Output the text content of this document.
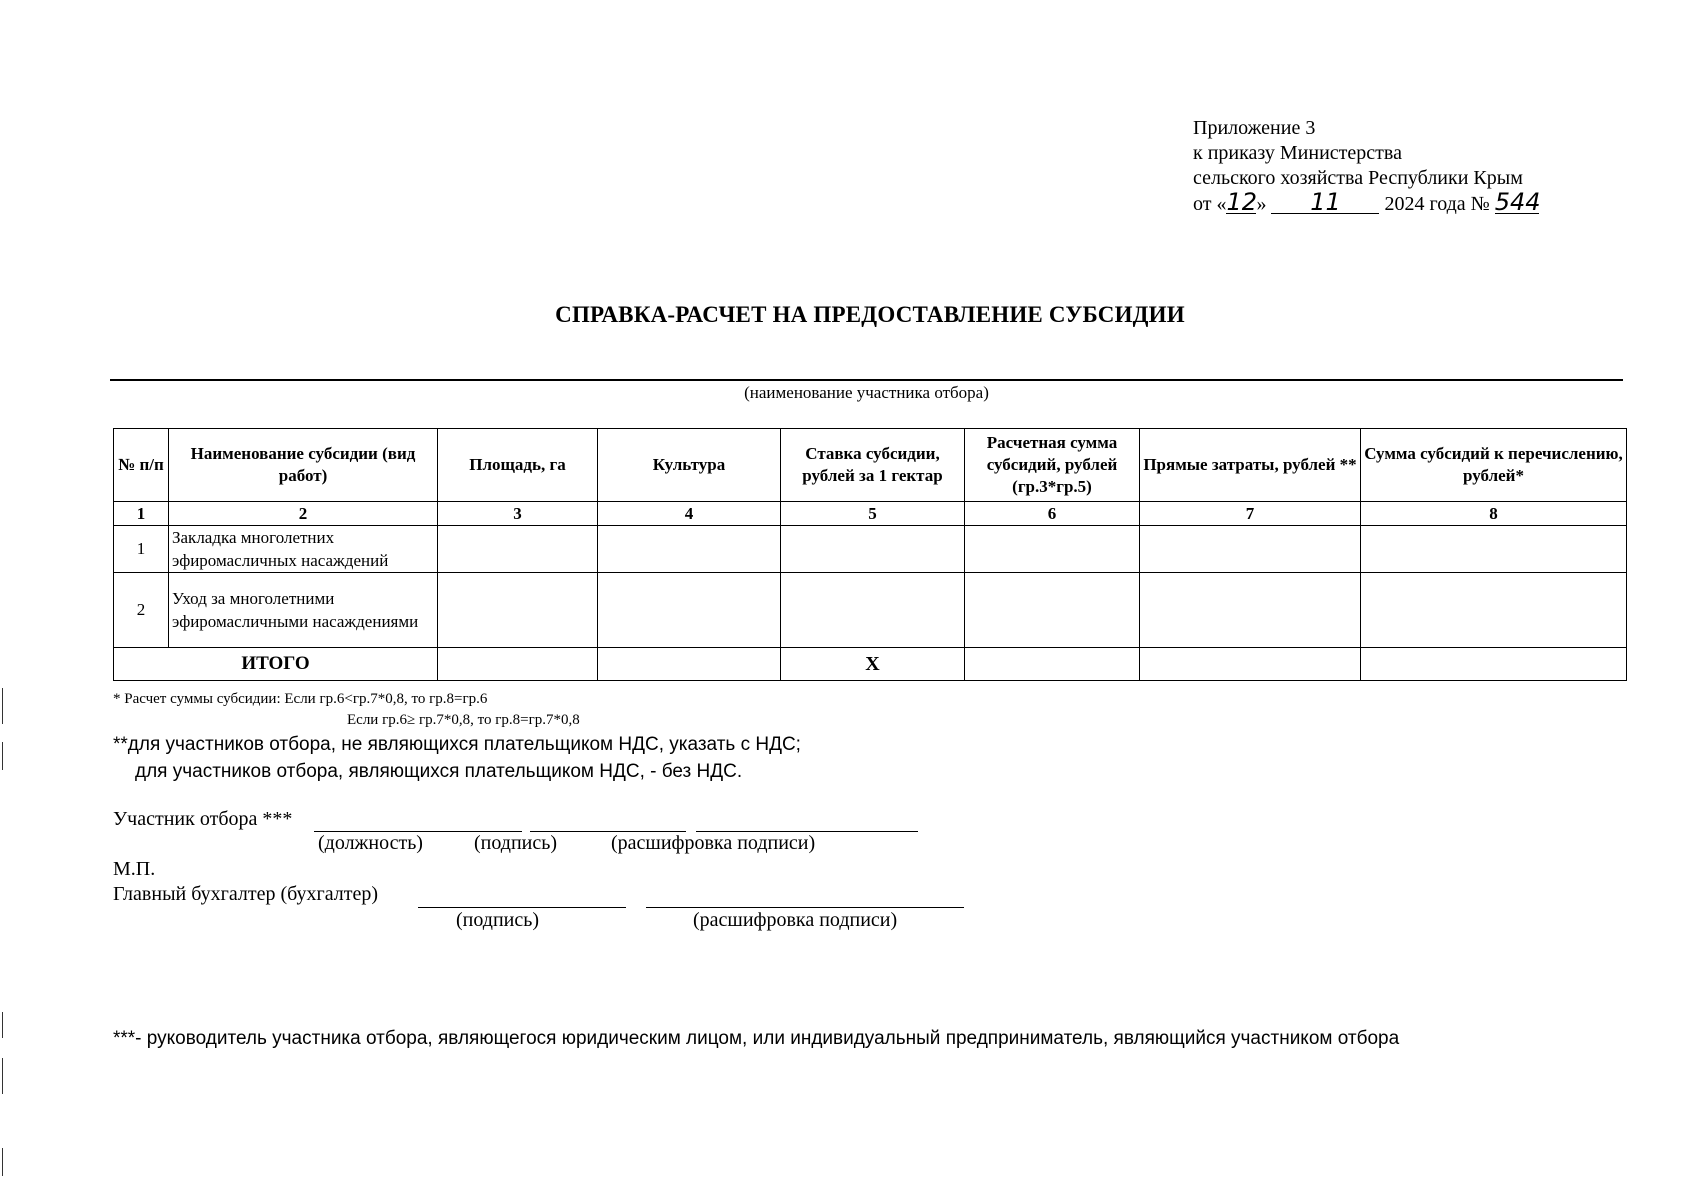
Приложение 3
к приказу Министерства
сельского хозяйства Республики Крым
от «12» 11 2024 года № 544
СПРАВКА-РАСЧЕТ НА ПРЕДОСТАВЛЕНИЕ СУБСИДИИ
(наименование участника отбора)
№ п/п	Наименование субсидии (вид работ)	Площадь, га	Культура	Ставка субсидии, рублей за 1 гектар	Расчетная сумма субсидий, рублей (гр.3*гр.5)	Прямые затраты, рублей **	Сумма субсидий к перечислению, рублей*
1	2	3	4	5	6	7	8
1	Закладка многолетних эфиромасличных насаждений						
2	Уход за многолетними эфиромасличными насаждениями						
ИТОГО				Х			
* Расчет суммы субсидии: Если гр.6<гр.7*0,8, то гр.8=гр.6
Если гр.6≥ гр.7*0,8, то гр.8=гр.7*0,8
**для участников отбора, не являющихся плательщиком НДС, указать с НДС;
для участников отбора, являющихся плательщиком НДС, - без НДС.
Участник отбора ***
(должность)	(подпись)	(расшифровка подписи)
М.П.
Главный бухгалтер (бухгалтер)
(подпись)	(расшифровка подписи)
***- руководитель участника отбора, являющегося юридическим лицом, или индивидуальный предприниматель, являющийся участником отбора
